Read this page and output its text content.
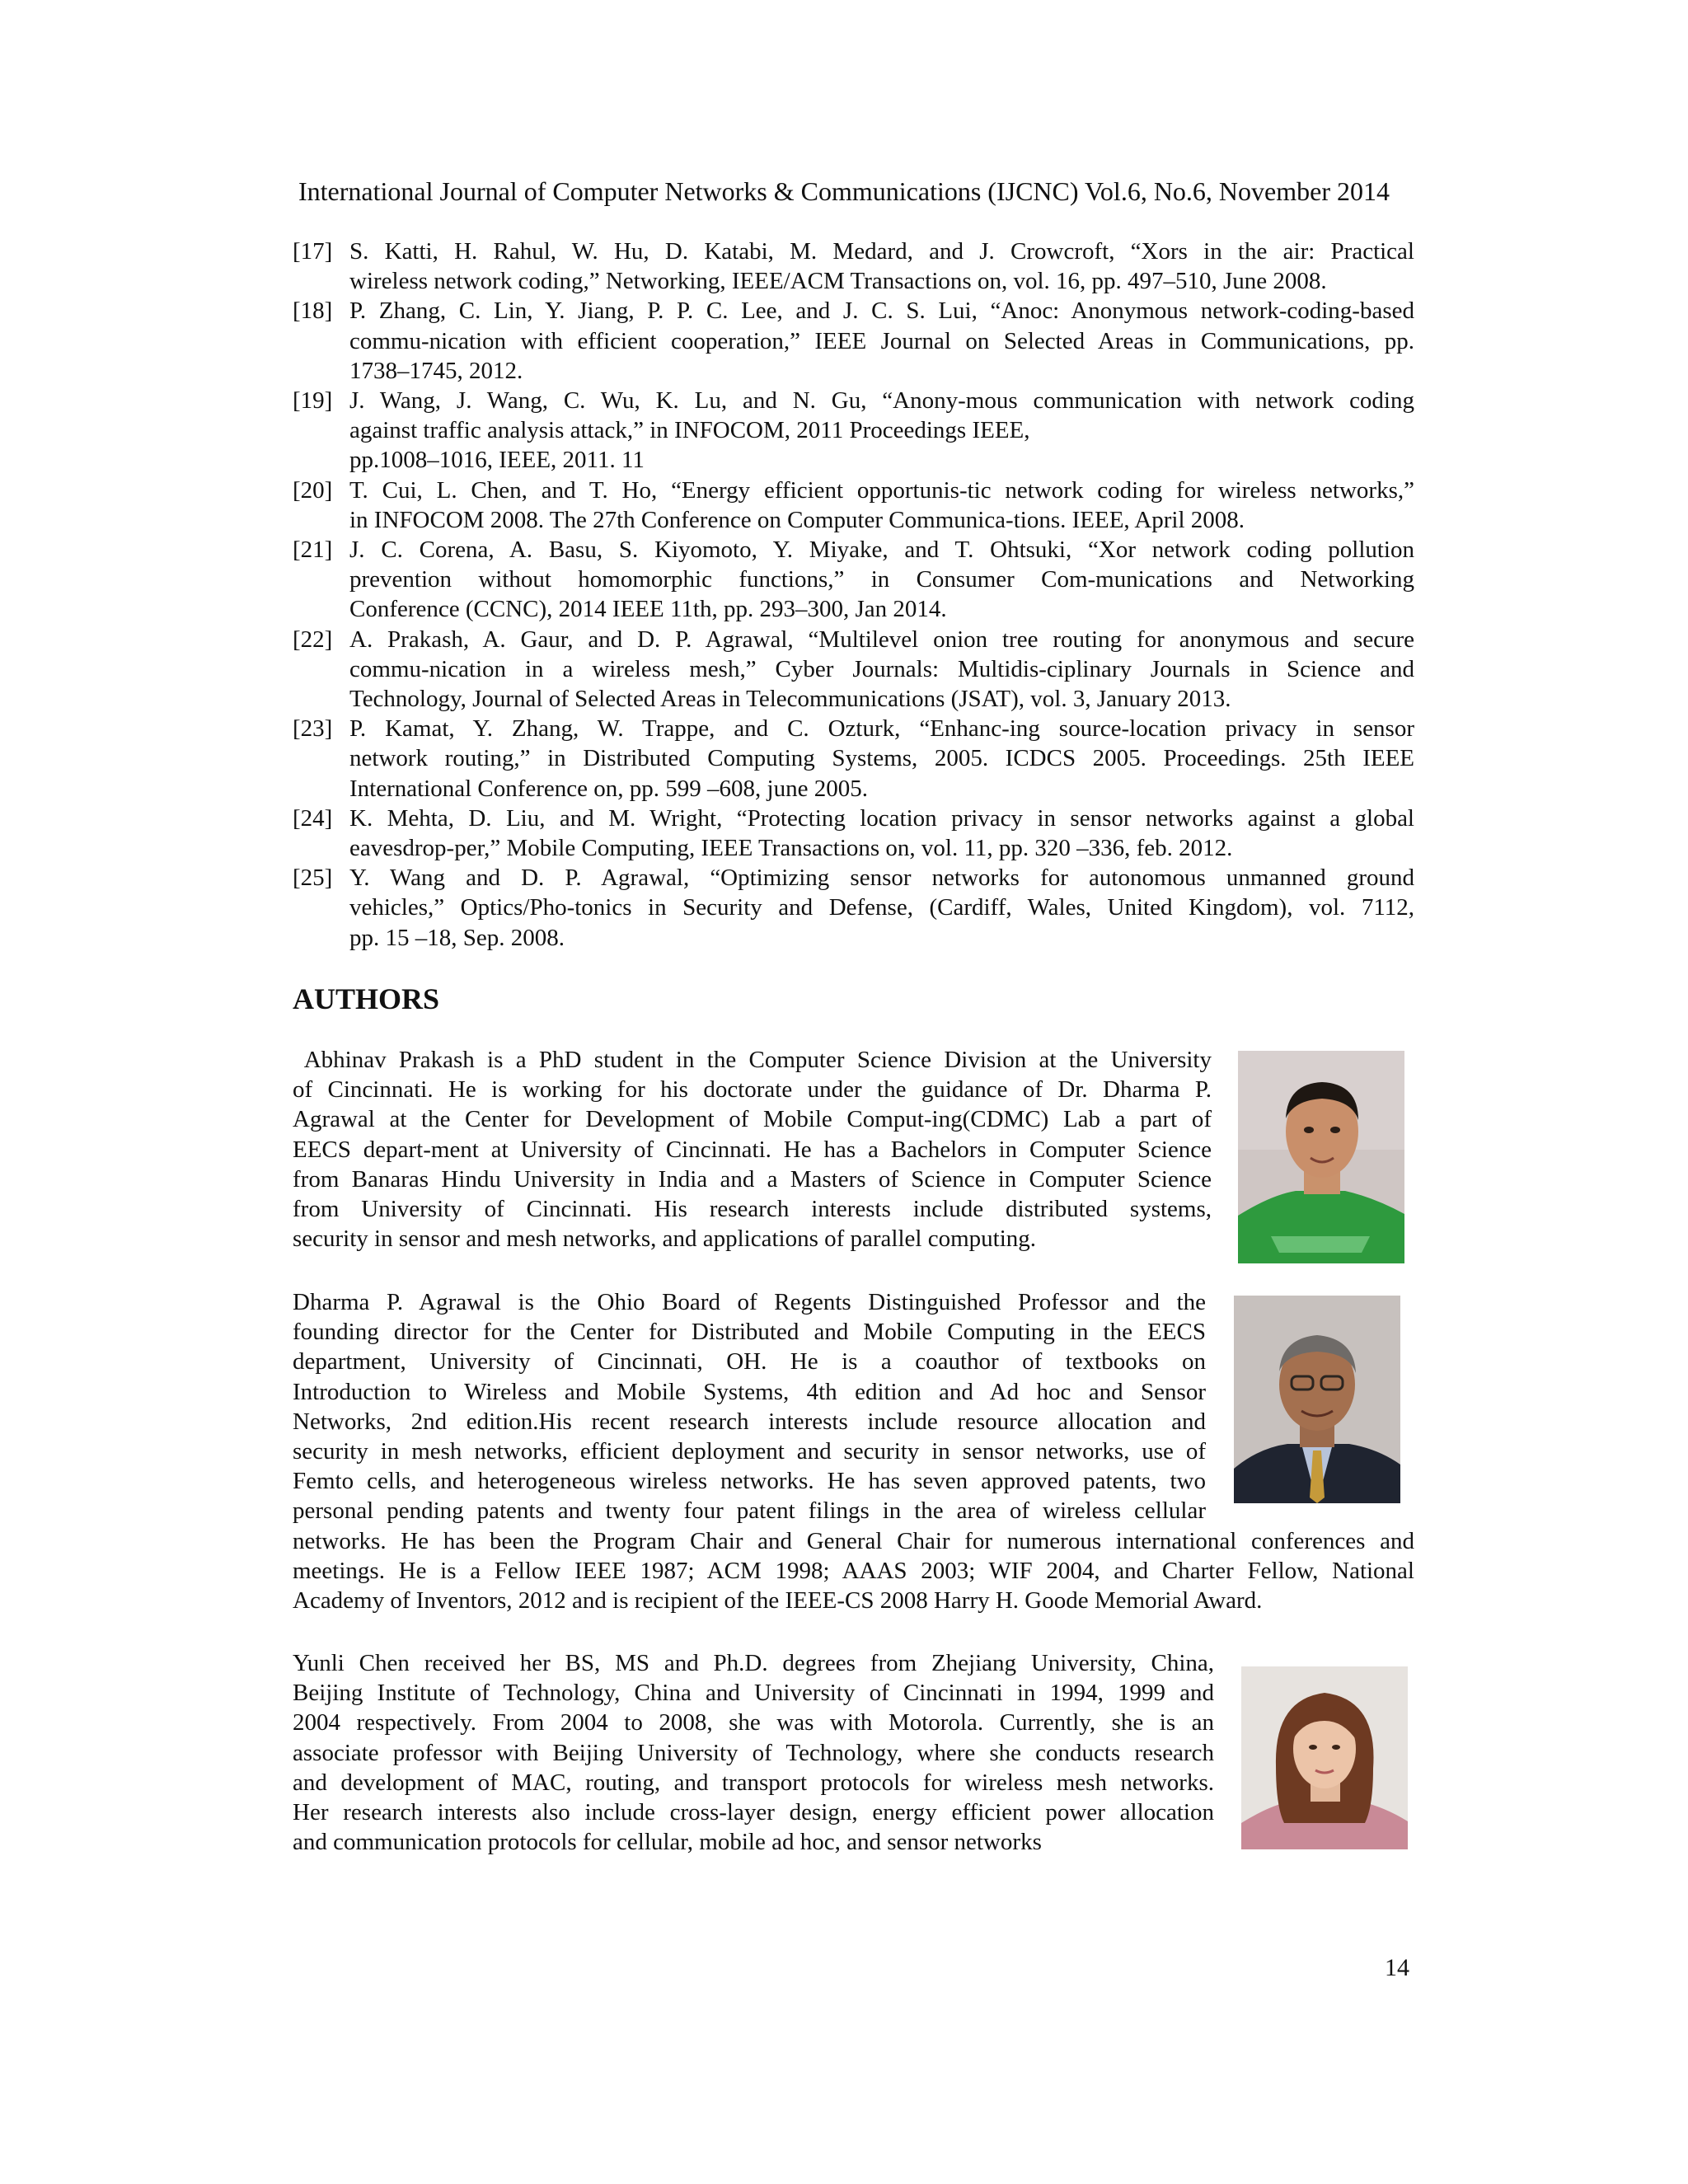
International Journal of Computer Networks & Communications (IJCNC) Vol.6, No.6, November 2014
[17] S. Katti, H. Rahul, W. Hu, D. Katabi, M. Medard, and J. Crowcroft, “Xors in the air: Practical
wireless network coding,” Networking, IEEE/ACM Transactions on, vol. 16, pp. 497–510, June 2008.
[18] P. Zhang, C. Lin, Y. Jiang, P. P. C. Lee, and J. C. S. Lui, “Anoc: Anonymous network-coding-based
commu-nication with efficient cooperation,” IEEE Journal on Selected Areas in Communications, pp.
1738–1745, 2012.
[19] J. Wang, J. Wang, C. Wu, K. Lu, and N. Gu, “Anony-mous communication with network coding
against traffic analysis attack,” in INFOCOM, 2011 Proceedings IEEE,
pp.1008–1016, IEEE, 2011. 11
[20] T. Cui, L. Chen, and T. Ho, “Energy efficient opportunis-tic network coding for wireless networks,”
in INFOCOM 2008. The 27th Conference on Computer Communica-tions. IEEE, April 2008.
[21] J. C. Corena, A. Basu, S. Kiyomoto, Y. Miyake, and T. Ohtsuki, “Xor network coding pollution
prevention without homomorphic functions,” in Consumer Com-munications and Networking
Conference (CCNC), 2014 IEEE 11th, pp. 293–300, Jan 2014.
[22] A. Prakash, A. Gaur, and D. P. Agrawal, “Multilevel onion tree routing for anonymous and secure
commu-nication in a wireless mesh,” Cyber Journals: Multidis-ciplinary Journals in Science and
Technology, Journal of Selected Areas in Telecommunications (JSAT), vol. 3, January 2013.
[23] P. Kamat, Y. Zhang, W. Trappe, and C. Ozturk, “Enhanc-ing source-location privacy in sensor
network routing,” in Distributed Computing Systems, 2005. ICDCS 2005. Proceedings. 25th IEEE
International Conference on, pp. 599 –608, june 2005.
[24] K. Mehta, D. Liu, and M. Wright, “Protecting location privacy in sensor networks against a global
eavesdrop-per,” Mobile Computing, IEEE Transactions on, vol. 11, pp. 320 –336, feb. 2012.
[25] Y. Wang and D. P. Agrawal, “Optimizing sensor networks for autonomous unmanned ground
vehicles,” Optics/Pho-tonics in Security and Defense, (Cardiff, Wales, United Kingdom), vol. 7112,
pp. 15 –18, Sep. 2008.
AUTHORS
Abhinav Prakash is a PhD student in the Computer Science Division at the University
of Cincinnati. He is working for his doctorate under the guidance of Dr. Dharma P.
Agrawal at the Center for Development of Mobile Comput-ing(CDMC) Lab a part of
EECS depart-ment at University of Cincinnati. He has a Bachelors in Computer Science
from Banaras Hindu University in India and a Masters of Science in Computer Science
from University of Cincinnati. His research interests include distributed systems,
security in sensor and mesh networks, and applications of parallel computing.
Dharma P. Agrawal is the Ohio Board of Regents Distinguished Professor and the
founding director for the Center for Distributed and Mobile Computing in the EECS
department, University of Cincinnati, OH. He is a coauthor of textbooks on
Introduction to Wireless and Mobile Systems, 4th edition and Ad hoc and Sensor
Networks, 2nd edition.His recent research interests include resource allocation and
security in mesh networks, efficient deployment and security in sensor networks, use of
Femto cells, and heterogeneous wireless networks. He has seven approved patents, two
personal pending patents and twenty four patent filings in the area of wireless cellular
networks. He has been the Program Chair and General Chair for numerous international conferences and
meetings. He is a Fellow IEEE 1987; ACM 1998; AAAS 2003; WIF 2004, and Charter Fellow, National
Academy of Inventors, 2012 and is recipient of the IEEE-CS 2008 Harry H. Goode Memorial Award.
Yunli Chen received her BS, MS and Ph.D. degrees from Zhejiang University, China,
Beijing Institute of Technology, China and University of Cincinnati in 1994, 1999 and
2004 respectively. From 2004 to 2008, she was with Motorola. Currently, she is an
associate professor with Beijing University of Technology, where she conducts research
and development of MAC, routing, and transport protocols for wireless mesh networks.
Her research interests also include cross-layer design, energy efficient power allocation
and communication protocols for cellular, mobile ad hoc, and sensor networks
14
